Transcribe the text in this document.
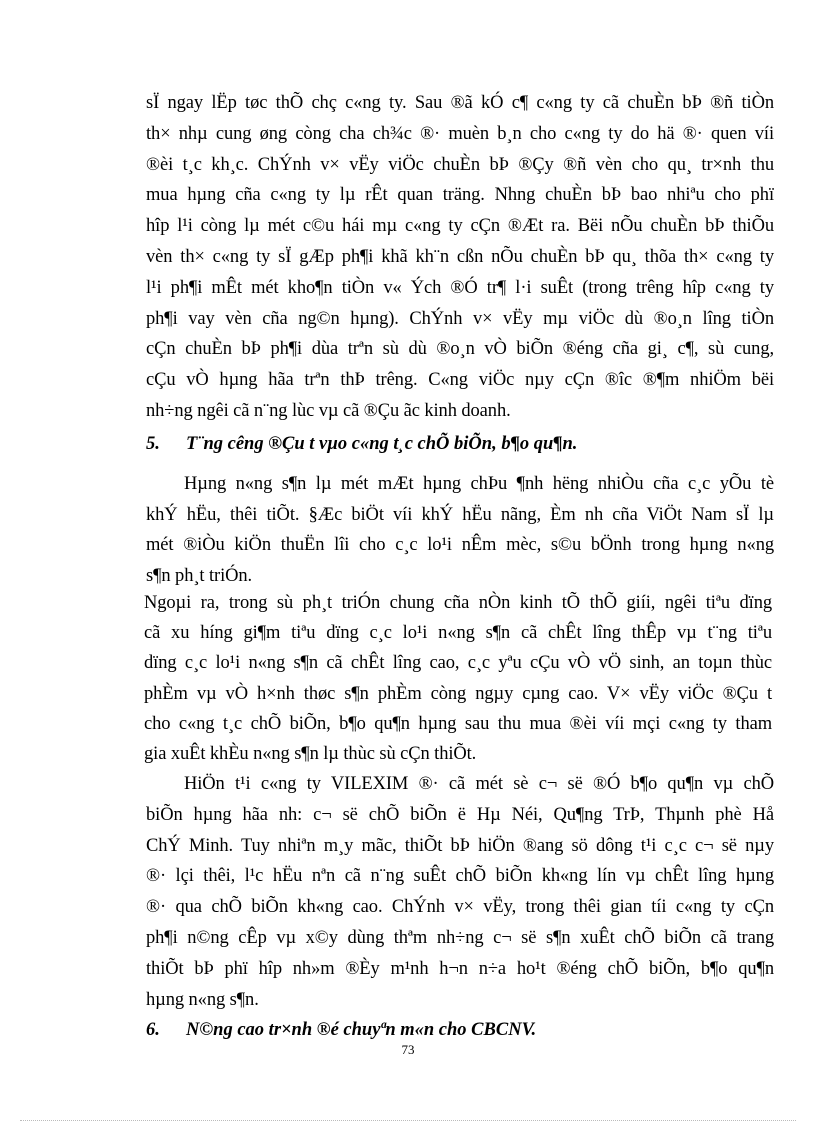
sÏ ngay lËp tøc thÕ chç c«ng ty. Sau ®ã kÓ c¶ c«ng ty cã chuÈn bÞ ®ñ tiÒn
th× nhµ cung øng còng cha ch¾c ®· muèn b¸n cho c«ng ty do hä ®· quen víi
®èi t¸c kh¸c. ChÝnh v× vËy viÖc chuÈn bÞ ®Çy ®ñ vèn cho qu¸ tr×nh thu
mua hµng cña c«ng ty lµ rÊt quan träng. Nhng chuÈn bÞ bao nhiªu cho phï
hîp l¹i còng lµ mét c©u hái mµ c«ng ty cÇn ®Æt ra. Bëi nÕu chuÈn bÞ thiÕu
vèn th× c«ng ty sÏ gÆp ph¶i khã kh¨n cßn nÕu chuÈn bÞ qu¸ thõa th× c«ng ty
l¹i ph¶i mÊt mét kho¶n tiÒn v« Ých ®Ó tr¶ l·i suÊt (trong trêng hîp c«ng ty
ph¶i vay vèn cña ng©n hµng). ChÝnh v× vËy mµ viÖc dù ®o¸n lîng tiÒn
cÇn chuÈn bÞ ph¶i dùa trªn sù dù ®o¸n vÒ biÕn ®éng cña gi¸ c¶, sù cung,
cÇu vÒ hµng hãa trªn thÞ trêng. C«ng viÖc nµy cÇn ®îc ®¶m nhiÖm bëi
nh÷ng ngêi cã n¨ng lùc vµ cã ®Çu ãc kinh doanh.
Hµng n«ng s¶n lµ mét mÆt hµng chÞu ¶nh hëng nhiÒu cña c¸c yÕu tè
khÝ hËu, thêi tiÕt. §Æc biÖt víi khÝ hËu nãng, Èm nh cña ViÖt Nam sÏ lµ
mét ®iÒu kiÖn thuËn lîi cho c¸c lo¹i nÊm mèc, s©u bÖnh trong hµng n«ng
s¶n ph¸t triÓn.
Ngoµi ra, trong sù ph¸t triÓn chung cña nÒn kinh tÕ thÕ giíi, ngêi tiªu dïng
cã xu híng gi¶m tiªu dïng c¸c lo¹i n«ng s¶n cã chÊt lîng thÊp vµ t¨ng tiªu
dïng c¸c lo¹i n«ng s¶n cã chÊt lîng cao, c¸c yªu cÇu vÒ vÖ sinh, an toµn thùc
phÈm vµ vÒ h×nh thøc s¶n phÈm còng ngµy cµng cao. V× vËy viÖc ®Çu t
cho c«ng t¸c chÕ biÕn, b¶o qu¶n hµng sau thu mua ®èi víi mçi c«ng ty tham
gia xuÊt khÈu n«ng s¶n lµ thùc sù cÇn thiÕt.
HiÖn t¹i c«ng ty VILEXIM ®· cã mét sè c¬ së ®Ó b¶o qu¶n vµ chÕ
biÕn hµng hãa nh: c¬ së chÕ biÕn ë Hµ Néi, Qu¶ng TrÞ, Thµnh phè Hå
ChÝ Minh. Tuy nhiªn m¸y mãc, thiÕt bÞ hiÖn ®ang sö dông t¹i c¸c c¬ së nµy
®· lçi thêi, l¹c hËu nªn cã n¨ng suÊt chÕ biÕn kh«ng lín vµ chÊt lîng hµng
®· qua chÕ biÕn kh«ng cao. ChÝnh v× vËy, trong thêi gian tíi c«ng ty cÇn
ph¶i n©ng cÊp vµ x©y dùng thªm nh÷ng c¬ së s¶n xuÊt chÕ biÕn cã trang
thiÕt bÞ phï hîp nh»m ®Èy m¹nh h¬n n÷a ho¹t ®éng chÕ biÕn, b¶o qu¶n
hµng n«ng s¶n.
5. T¨ng cêng ®Çu t vµo c«ng t¸c chÕ biÕn, b¶o qu¶n.
6. N©ng cao tr×nh ®é chuyªn m«n cho CBCNV.
73
